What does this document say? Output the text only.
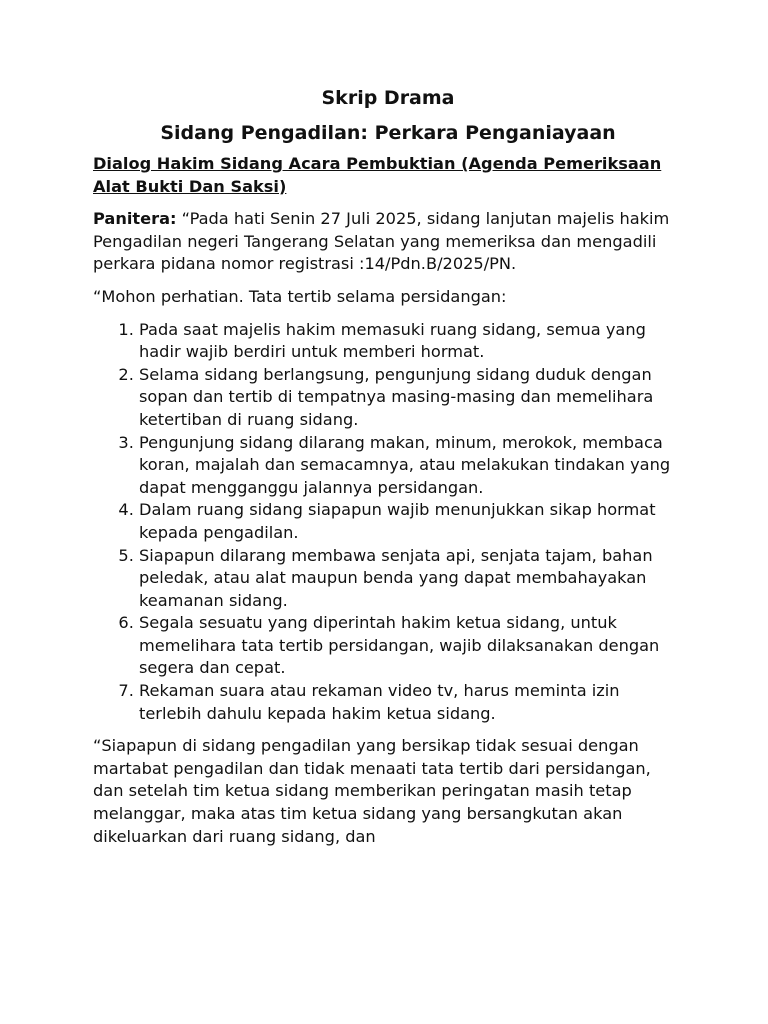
Skrip Drama
Sidang Pengadilan: Perkara Penganiayaan
Dialog Hakim Sidang Acara Pembuktian (Agenda Pemeriksaan Alat Bukti Dan Saksi)

Panitera: “Pada hati Senin 27 Juli 2025, sidang lanjutan majelis hakim Pengadilan negeri Tangerang Selatan yang memeriksa dan mengadili perkara pidana nomor registrasi :14/Pdn.B/2025/PN.

“Mohon perhatian. Tata tertib selama persidangan:

1. Pada saat majelis hakim memasuki ruang sidang, semua yang hadir wajib berdiri untuk memberi hormat.
2. Selama sidang berlangsung, pengunjung sidang duduk dengan sopan dan tertib di tempatnya masing-masing dan memelihara ketertiban di ruang sidang.
3. Pengunjung sidang dilarang makan, minum, merokok, membaca koran, majalah dan semacamnya, atau melakukan tindakan yang dapat mengganggu jalannya persidangan.
4. Dalam ruang sidang siapapun wajib menunjukkan sikap hormat kepada pengadilan.
5. Siapapun dilarang membawa senjata api, senjata tajam, bahan peledak, atau alat maupun benda yang dapat membahayakan keamanan sidang.
6. Segala sesuatu yang diperintah hakim ketua sidang, untuk memelihara tata tertib persidangan, wajib dilaksanakan dengan segera dan cepat.
7. Rekaman suara atau rekaman video tv, harus meminta izin terlebih dahulu kepada hakim ketua sidang.

“Siapapun di sidang pengadilan yang bersikap tidak sesuai dengan martabat pengadilan dan tidak menaati tata tertib dari persidangan, dan setelah tim ketua sidang memberikan peringatan masih tetap melanggar, maka atas tim ketua sidang yang bersangkutan akan dikeluarkan dari ruang sidang, dan
